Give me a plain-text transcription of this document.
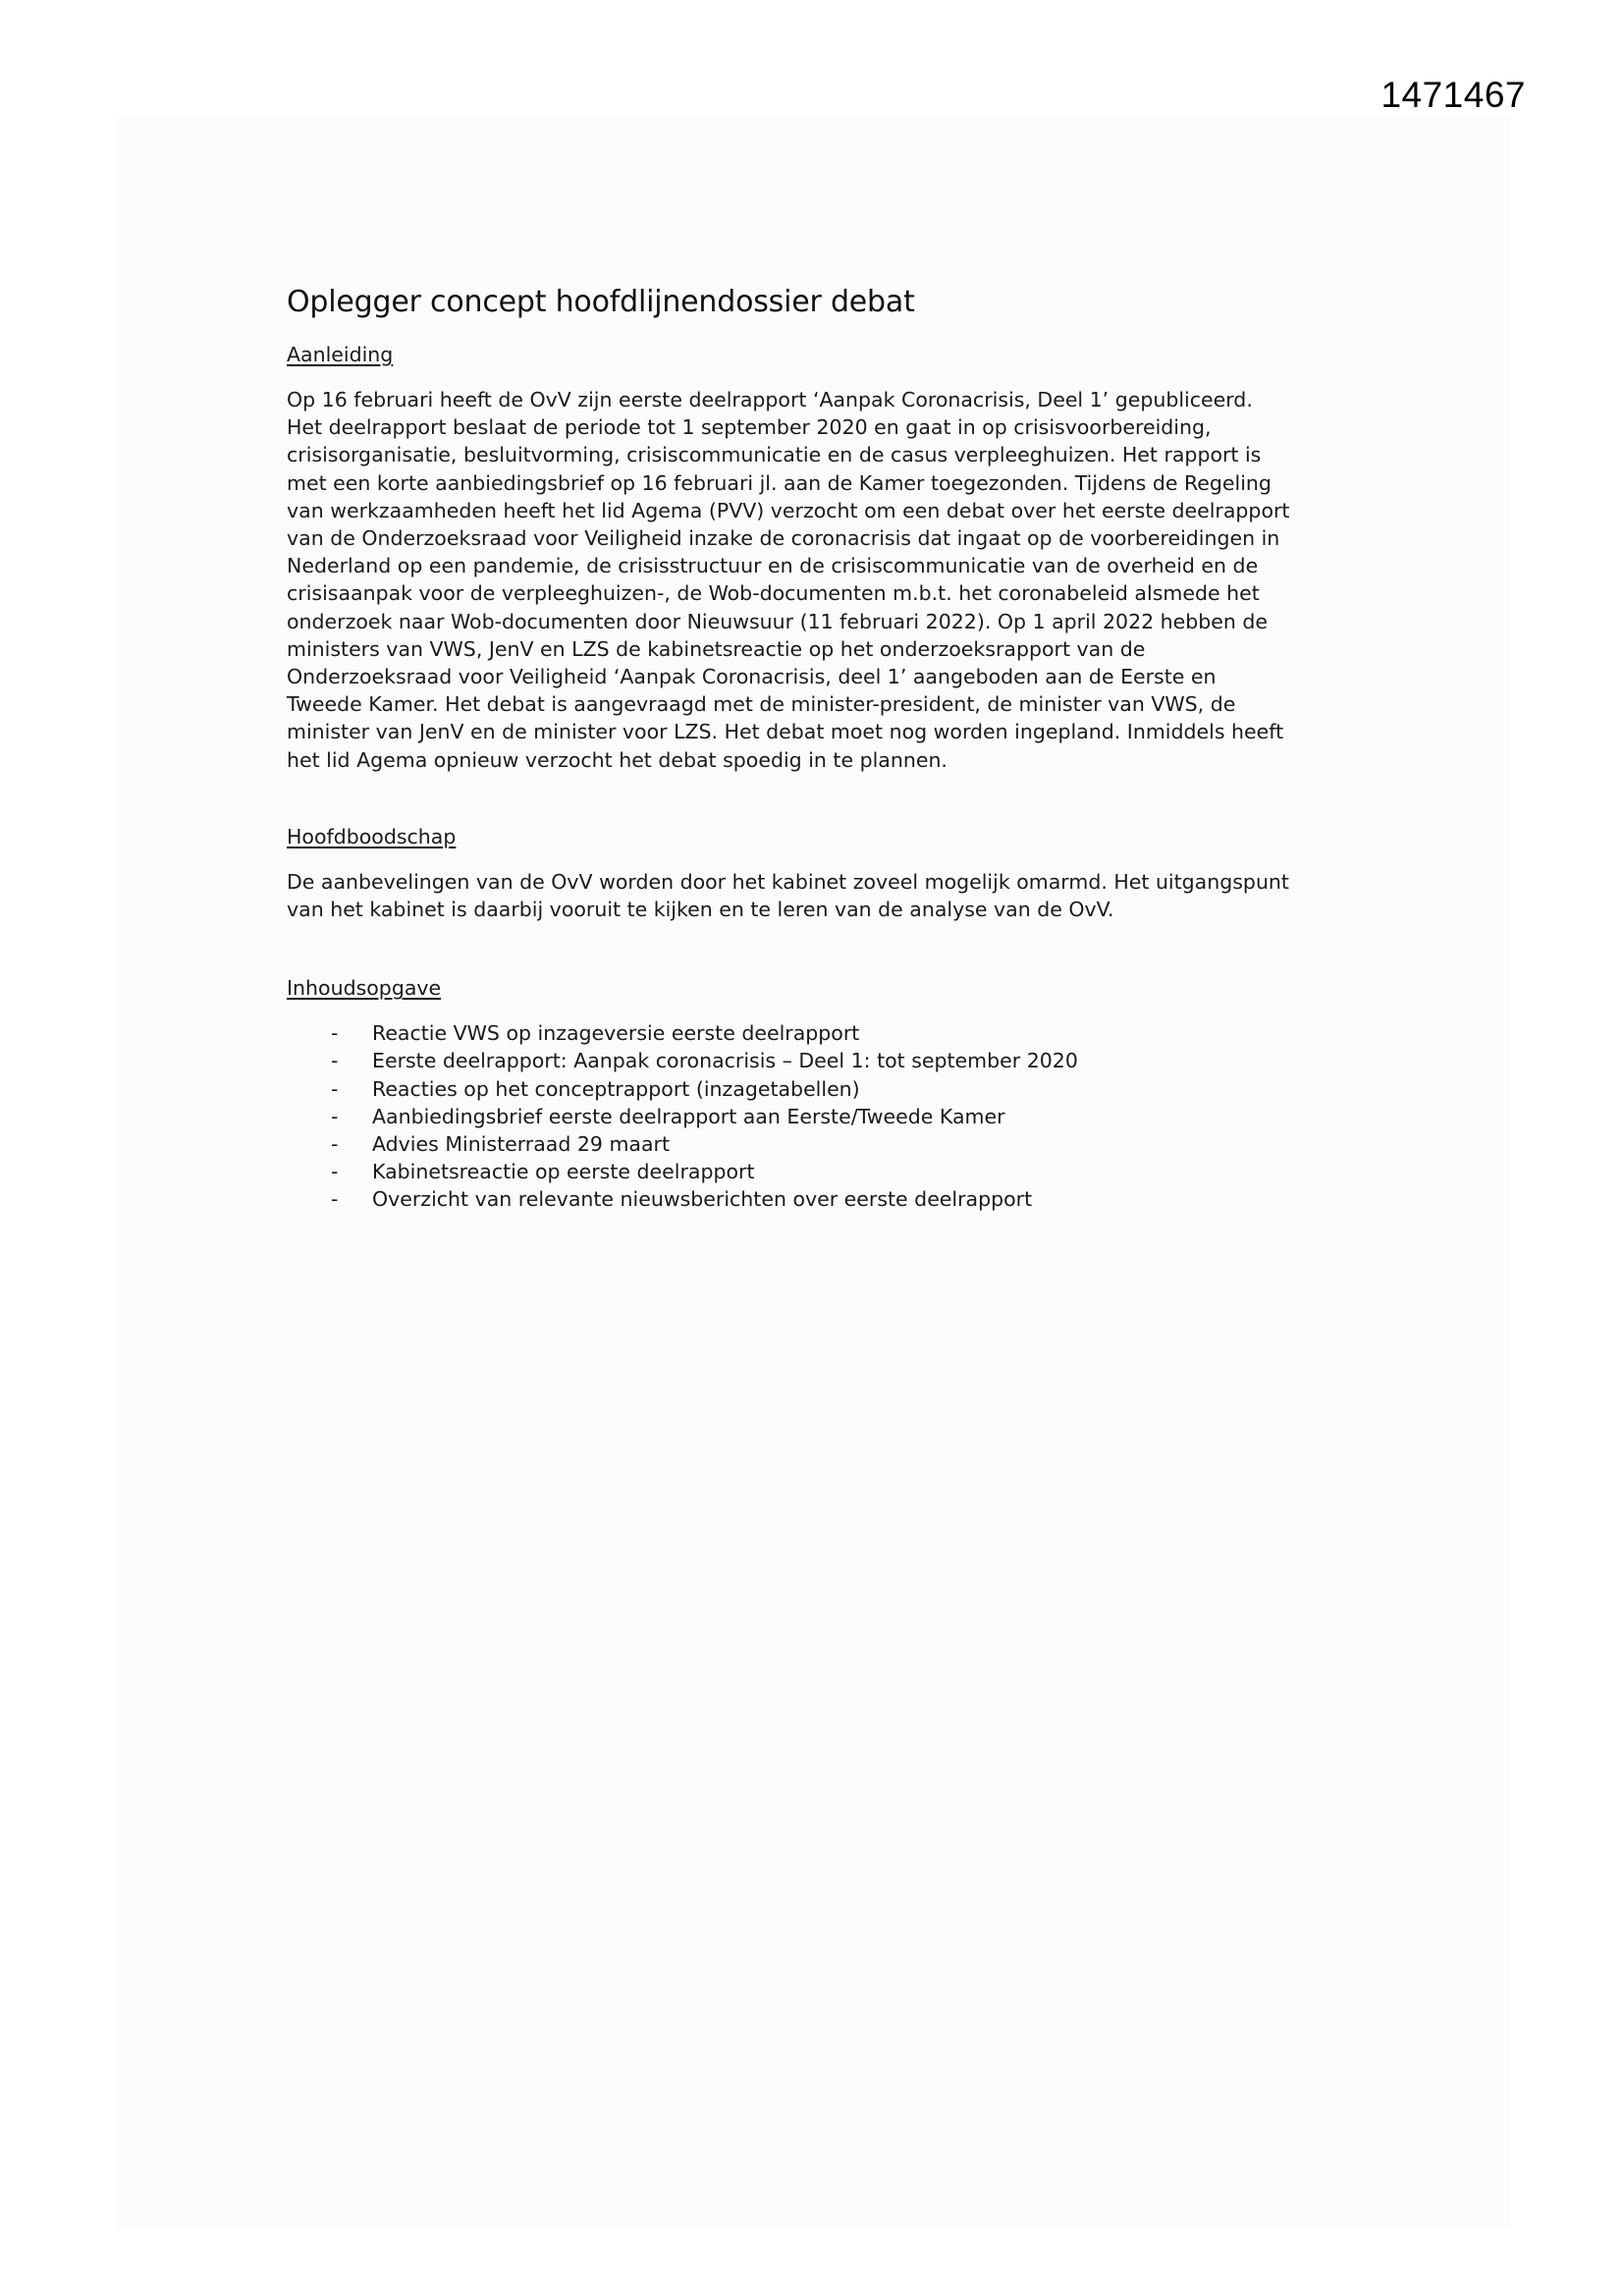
1471467
Oplegger concept hoofdlijnendossier debat
Aanleiding
Op 16 februari heeft de OvV zijn eerste deelrapport ‘Aanpak Coronacrisis, Deel 1’ gepubliceerd.
Het deelrapport beslaat de periode tot 1 september 2020 en gaat in op crisisvoorbereiding,
crisisorganisatie, besluitvorming, crisiscommunicatie en de casus verpleeghuizen. Het rapport is
met een korte aanbiedingsbrief op 16 februari jl. aan de Kamer toegezonden. Tijdens de Regeling
van werkzaamheden heeft het lid Agema (PVV) verzocht om een debat over het eerste deelrapport
van de Onderzoeksraad voor Veiligheid inzake de coronacrisis dat ingaat op de voorbereidingen in
Nederland op een pandemie, de crisisstructuur en de crisiscommunicatie van de overheid en de
crisisaanpak voor de verpleeghuizen-, de Wob-documenten m.b.t. het coronabeleid alsmede het
onderzoek naar Wob-documenten door Nieuwsuur (11 februari 2022). Op 1 april 2022 hebben de
ministers van VWS, JenV en LZS de kabinetsreactie op het onderzoeksrapport van de
Onderzoeksraad voor Veiligheid ‘Aanpak Coronacrisis, deel 1’ aangeboden aan de Eerste en
Tweede Kamer. Het debat is aangevraagd met de minister-president, de minister van VWS, de
minister van JenV en de minister voor LZS. Het debat moet nog worden ingepland. Inmiddels heeft
het lid Agema opnieuw verzocht het debat spoedig in te plannen.
Hoofdboodschap
De aanbevelingen van de OvV worden door het kabinet zoveel mogelijk omarmd. Het uitgangspunt
van het kabinet is daarbij vooruit te kijken en te leren van de analyse van de OvV.
Inhoudsopgave
-	Reactie VWS op inzageversie eerste deelrapport
-	Eerste deelrapport: Aanpak coronacrisis – Deel 1: tot september 2020
-	Reacties op het conceptrapport (inzagetabellen)
-	Aanbiedingsbrief eerste deelrapport aan Eerste/Tweede Kamer
-	Advies Ministerraad 29 maart
-	Kabinetsreactie op eerste deelrapport
-	Overzicht van relevante nieuwsberichten over eerste deelrapport
